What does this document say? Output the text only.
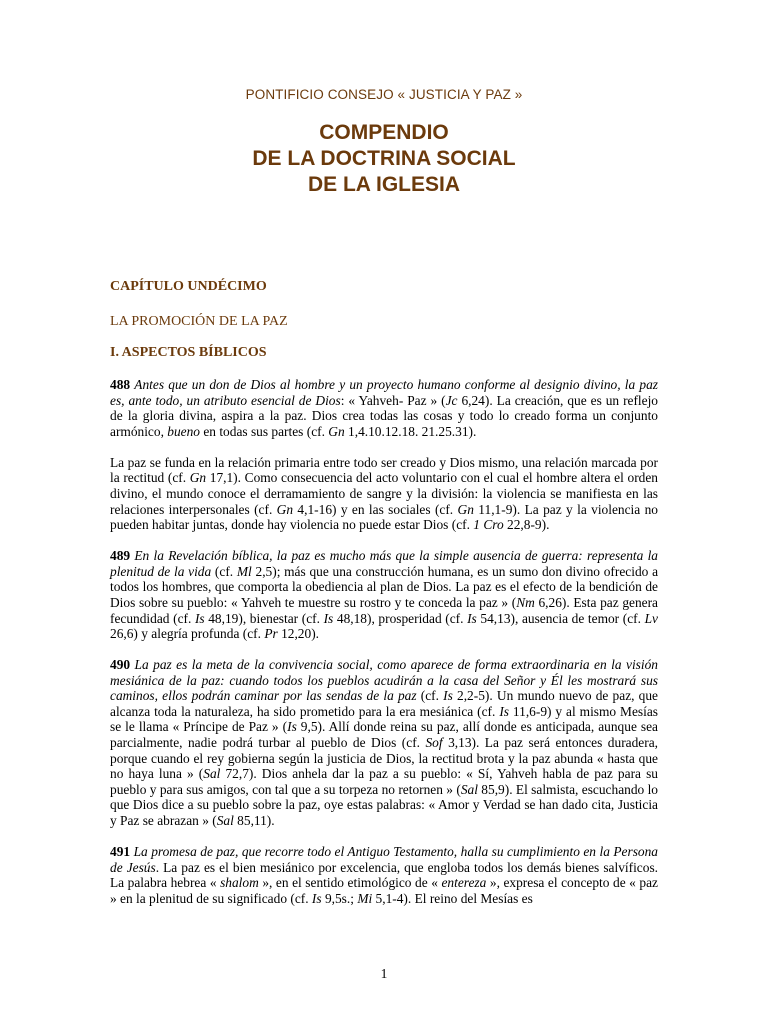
PONTIFICIO CONSEJO « JUSTICIA Y PAZ »
COMPENDIO
DE LA DOCTRINA SOCIAL
DE LA IGLESIA
CAPÍTULO UNDÉCIMO
LA PROMOCIÓN DE LA PAZ
I. ASPECTOS BÍBLICOS

488 Antes que un don de Dios al hombre y un proyecto humano conforme al designio divino, la paz es, ante todo, un atributo esencial de Dios: « Yahveh- Paz » (Jc 6,24). La creación, que es un reflejo de la gloria divina, aspira a la paz. Dios crea todas las cosas y todo lo creado forma un conjunto armónico, bueno en todas sus partes (cf. Gn 1,4.10.12.18. 21.25.31).

La paz se funda en la relación primaria entre todo ser creado y Dios mismo, una relación marcada por la rectitud (cf. Gn 17,1). Como consecuencia del acto voluntario con el cual el hombre altera el orden divino, el mundo conoce el derramamiento de sangre y la división: la violencia se manifiesta en las relaciones interpersonales (cf. Gn 4,1-16) y en las sociales (cf. Gn 11,1-9). La paz y la violencia no pueden habitar juntas, donde hay violencia no puede estar Dios (cf. 1 Cro 22,8-9).

489 En la Revelación bíblica, la paz es mucho más que la simple ausencia de guerra: representa la plenitud de la vida (cf. Ml 2,5); más que una construcción humana, es un sumo don divino ofrecido a todos los hombres, que comporta la obediencia al plan de Dios. La paz es el efecto de la bendición de Dios sobre su pueblo: « Yahveh te muestre su rostro y te conceda la paz » (Nm 6,26). Esta paz genera fecundidad (cf. Is 48,19), bienestar (cf. Is 48,18), prosperidad (cf. Is 54,13), ausencia de temor (cf. Lv 26,6) y alegría profunda (cf. Pr 12,20).

490 La paz es la meta de la convivencia social, como aparece de forma extraordinaria en la visión mesiánica de la paz: cuando todos los pueblos acudirán a la casa del Señor y Él les mostrará sus caminos, ellos podrán caminar por las sendas de la paz (cf. Is 2,2-5). Un mundo nuevo de paz, que alcanza toda la naturaleza, ha sido prometido para la era mesiánica (cf. Is 11,6-9) y al mismo Mesías se le llama « Príncipe de Paz » (Is 9,5). Allí donde reina su paz, allí donde es anticipada, aunque sea parcialmente, nadie podrá turbar al pueblo de Dios (cf. Sof 3,13). La paz será entonces duradera, porque cuando el rey gobierna según la justicia de Dios, la rectitud brota y la paz abunda « hasta que no haya luna » (Sal 72,7). Dios anhela dar la paz a su pueblo: « Sí, Yahveh habla de paz para su pueblo y para sus amigos, con tal que a su torpeza no retornen » (Sal 85,9). El salmista, escuchando lo que Dios dice a su pueblo sobre la paz, oye estas palabras: « Amor y Verdad se han dado cita, Justicia y Paz se abrazan » (Sal 85,11).

491 La promesa de paz, que recorre todo el Antiguo Testamento, halla su cumplimiento en la Persona de Jesús. La paz es el bien mesiánico por excelencia, que engloba todos los demás bienes salvíficos. La palabra hebrea « shalom », en el sentido etimológico de « entereza », expresa el concepto de « paz » en la plenitud de su significado (cf. Is 9,5s.; Mi 5,1-4). El reino del Mesías es

1
